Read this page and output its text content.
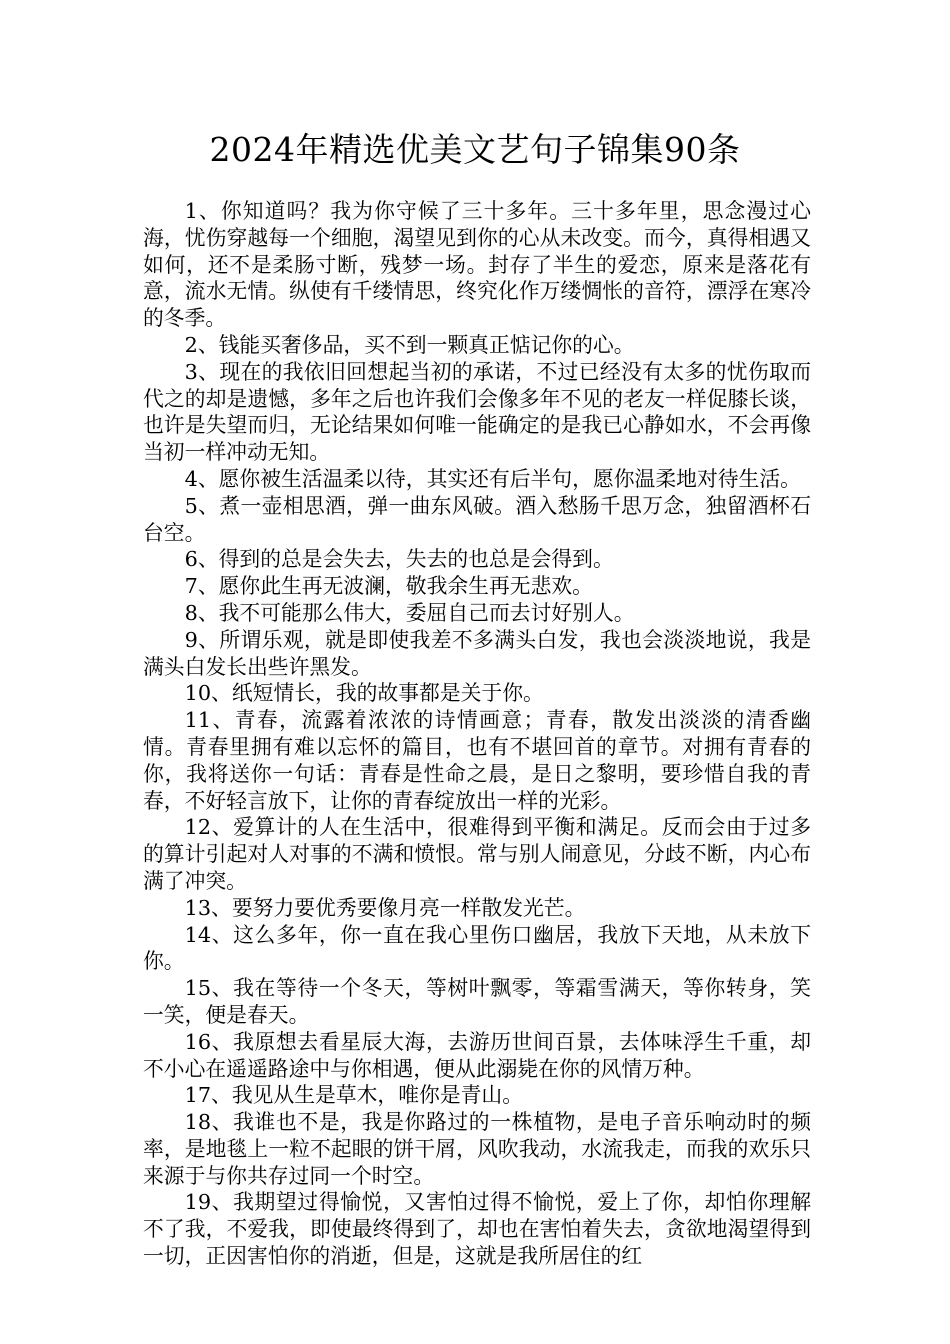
2024年精选优美文艺句子锦集90条

1、你知道吗？我为你守候了三十多年。三十多年里，思念漫过心海，忧伤穿越每一个细胞，渴望见到你的心从未改变。而今，真得相遇又如何，还不是柔肠寸断，残梦一场。封存了半生的爱恋，原来是落花有意，流水无情。纵使有千缕情思，终究化作万缕惆怅的音符，漂浮在寒冷的冬季。

2、钱能买奢侈品，买不到一颗真正惦记你的心。

3、现在的我依旧回想起当初的承诺，不过已经没有太多的忧伤取而代之的却是遗憾，多年之后也许我们会像多年不见的老友一样促膝长谈，也许是失望而归，无论结果如何唯一能确定的是我已心静如水，不会再像当初一样冲动无知。

4、愿你被生活温柔以待，其实还有后半句，愿你温柔地对待生活。

5、煮一壶相思酒，弹一曲东风破。酒入愁肠千思万念，独留酒杯石台空。

6、得到的总是会失去，失去的也总是会得到。

7、愿你此生再无波澜，敬我余生再无悲欢。

8、我不可能那么伟大，委屈自己而去讨好别人。

9、所谓乐观，就是即使我差不多满头白发，我也会淡淡地说，我是满头白发长出些许黑发。

10、纸短情长，我的故事都是关于你。

11、青春，流露着浓浓的诗情画意；青春，散发出淡淡的清香幽情。青春里拥有难以忘怀的篇目，也有不堪回首的章节。对拥有青春的你，我将送你一句话：青春是性命之晨，是日之黎明，要珍惜自我的青春，不好轻言放下，让你的青春绽放出一样的光彩。

12、爱算计的人在生活中，很难得到平衡和满足。反而会由于过多的算计引起对人对事的不满和愤恨。常与别人闹意见，分歧不断，内心布满了冲突。

13、要努力要优秀要像月亮一样散发光芒。

14、这么多年，你一直在我心里伤口幽居，我放下天地，从未放下你。

15、我在等待一个冬天，等树叶飘零，等霜雪满天，等你转身，笑一笑，便是春天。

16、我原想去看星辰大海，去游历世间百景，去体味浮生千重，却不小心在遥遥路途中与你相遇，便从此溺毙在你的风情万种。

17、我见从生是草木，唯你是青山。

18、我谁也不是，我是你路过的一株植物，是电子音乐响动时的频率，是地毯上一粒不起眼的饼干屑，风吹我动，水流我走，而我的欢乐只来源于与你共存过同一个时空。

19、我期望过得愉悦，又害怕过得不愉悦，爱上了你，却怕你理解不了我，不爱我，即使最终得到了，却也在害怕着失去，贪欲地渴望得到一切，正因害怕你的消逝，但是，这就是我所居住的红
